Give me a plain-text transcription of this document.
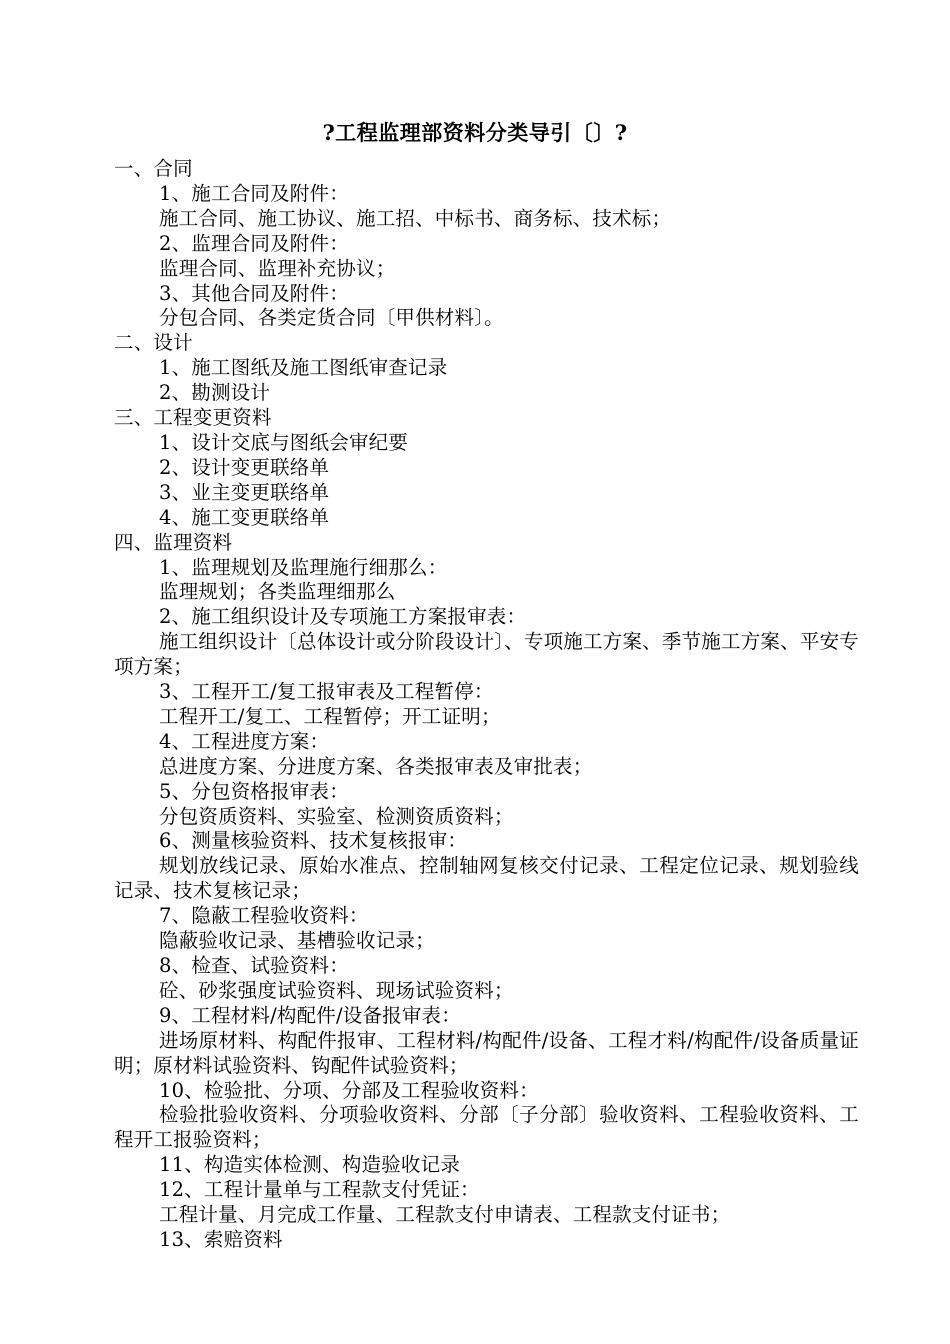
?工程监理部资料分类导引〔〕?
一、合同
1、施工合同及附件：
施工合同、施工协议、施工招、中标书、商务标、技术标；
2、监理合同及附件：
监理合同、监理补充协议；
3、其他合同及附件：
分包合同、各类定货合同〔甲供材料〕。
二、设计
1、施工图纸及施工图纸审查记录
2、勘测设计
三、工程变更资料
1、设计交底与图纸会审纪要
2、设计变更联络单
3、业主变更联络单
4、施工变更联络单
四、监理资料
1、监理规划及监理施行细那么：
监理规划；各类监理细那么
2、施工组织设计及专项施工方案报审表：
施工组织设计〔总体设计或分阶段设计〕、专项施工方案、季节施工方案、平安专项方案；
3、工程开工/复工报审表及工程暂停：
工程开工/复工、工程暂停；开工证明；
4、工程进度方案：
总进度方案、分进度方案、各类报审表及审批表；
5、分包资格报审表：
分包资质资料、实验室、检测资质资料；
6、测量核验资料、技术复核报审：
规划放线记录、原始水准点、控制轴网复核交付记录、工程定位记录、规划验线记录、技术复核记录；
7、隐蔽工程验收资料：
隐蔽验收记录、基槽验收记录；
8、检查、试验资料：
砼、砂浆强度试验资料、现场试验资料；
9、工程材料/构配件/设备报审表：
进场原材料、构配件报审、工程材料/构配件/设备、工程才料/构配件/设备质量证明；原材料试验资料、钩配件试验资料；
10、检验批、分项、分部及工程验收资料：
检验批验收资料、分项验收资料、分部〔子分部〕验收资料、工程验收资料、工程开工报验资料；
11、构造实体检测、构造验收记录
12、工程计量单与工程款支付凭证：
工程计量、月完成工作量、工程款支付申请表、工程款支付证书；
13、索赔资料
